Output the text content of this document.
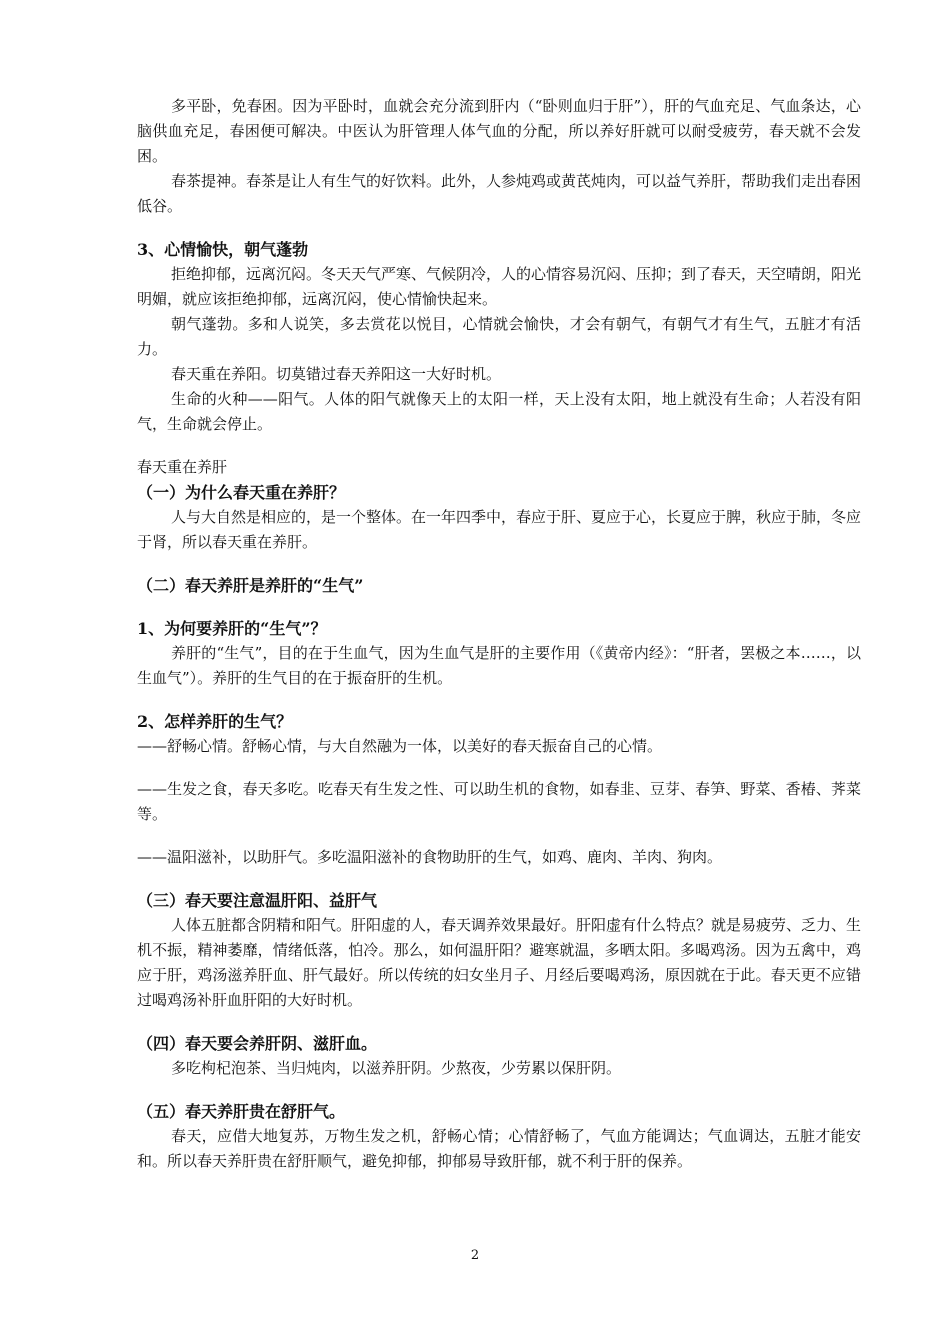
多平卧，免春困。因为平卧时，血就会充分流到肝内（“卧则血归于肝”），肝的气血充足、气血条达，心脑供血充足，春困便可解决。中医认为肝管理人体气血的分配，所以养好肝就可以耐受疲劳，春天就不会发困。

春茶提神。春茶是让人有生气的好饮料。此外，人参炖鸡或黄芪炖肉，可以益气养肝，帮助我们走出春困低谷。

3、心情愉快，朝气蓬勃

拒绝抑郁，远离沉闷。冬天天气严寒、气候阴冷，人的心情容易沉闷、压抑；到了春天，天空晴朗，阳光明媚，就应该拒绝抑郁，远离沉闷，使心情愉快起来。

朝气蓬勃。多和人说笑，多去赏花以悦目，心情就会愉快，才会有朝气，有朝气才有生气，五脏才有活力。

春天重在养阳。切莫错过春天养阳这一大好时机。

生命的火种——阳气。人体的阳气就像天上的太阳一样，天上没有太阳，地上就没有生命；人若没有阳气，生命就会停止。

春天重在养肝

（一）为什么春天重在养肝？

人与大自然是相应的，是一个整体。在一年四季中，春应于肝、夏应于心，长夏应于脾，秋应于肺，冬应于肾，所以春天重在养肝。

（二）春天养肝是养肝的“生气”

1、为何要养肝的“生气”？

养肝的“生气”，目的在于生血气，因为生血气是肝的主要作用（《黄帝内经》：“肝者，罢极之本……，以生血气”）。养肝的生气目的在于振奋肝的生机。

2、怎样养肝的生气？

——舒畅心情。舒畅心情，与大自然融为一体，以美好的春天振奋自己的心情。

——生发之食，春天多吃。吃春天有生发之性、可以助生机的食物，如春韭、豆芽、春笋、野菜、香椿、荠菜等。

——温阳滋补，以助肝气。多吃温阳滋补的食物助肝的生气，如鸡、鹿肉、羊肉、狗肉。

（三）春天要注意温肝阳、益肝气

人体五脏都含阴精和阳气。肝阳虚的人，春天调养效果最好。肝阳虚有什么特点？就是易疲劳、乏力、生机不振，精神萎靡，情绪低落，怕冷。那么，如何温肝阳？避寒就温，多晒太阳。多喝鸡汤。因为五禽中，鸡应于肝，鸡汤滋养肝血、肝气最好。所以传统的妇女坐月子、月经后要喝鸡汤，原因就在于此。春天更不应错过喝鸡汤补肝血肝阳的大好时机。

（四）春天要会养肝阴、滋肝血。

多吃枸杞泡茶、当归炖肉，以滋养肝阴。少熬夜，少劳累以保肝阴。

（五）春天养肝贵在舒肝气。

春天，应借大地复苏，万物生发之机，舒畅心情；心情舒畅了，气血方能调达；气血调达，五脏才能安和。所以春天养肝贵在舒肝顺气，避免抑郁，抑郁易导致肝郁，就不利于肝的保养。

2
